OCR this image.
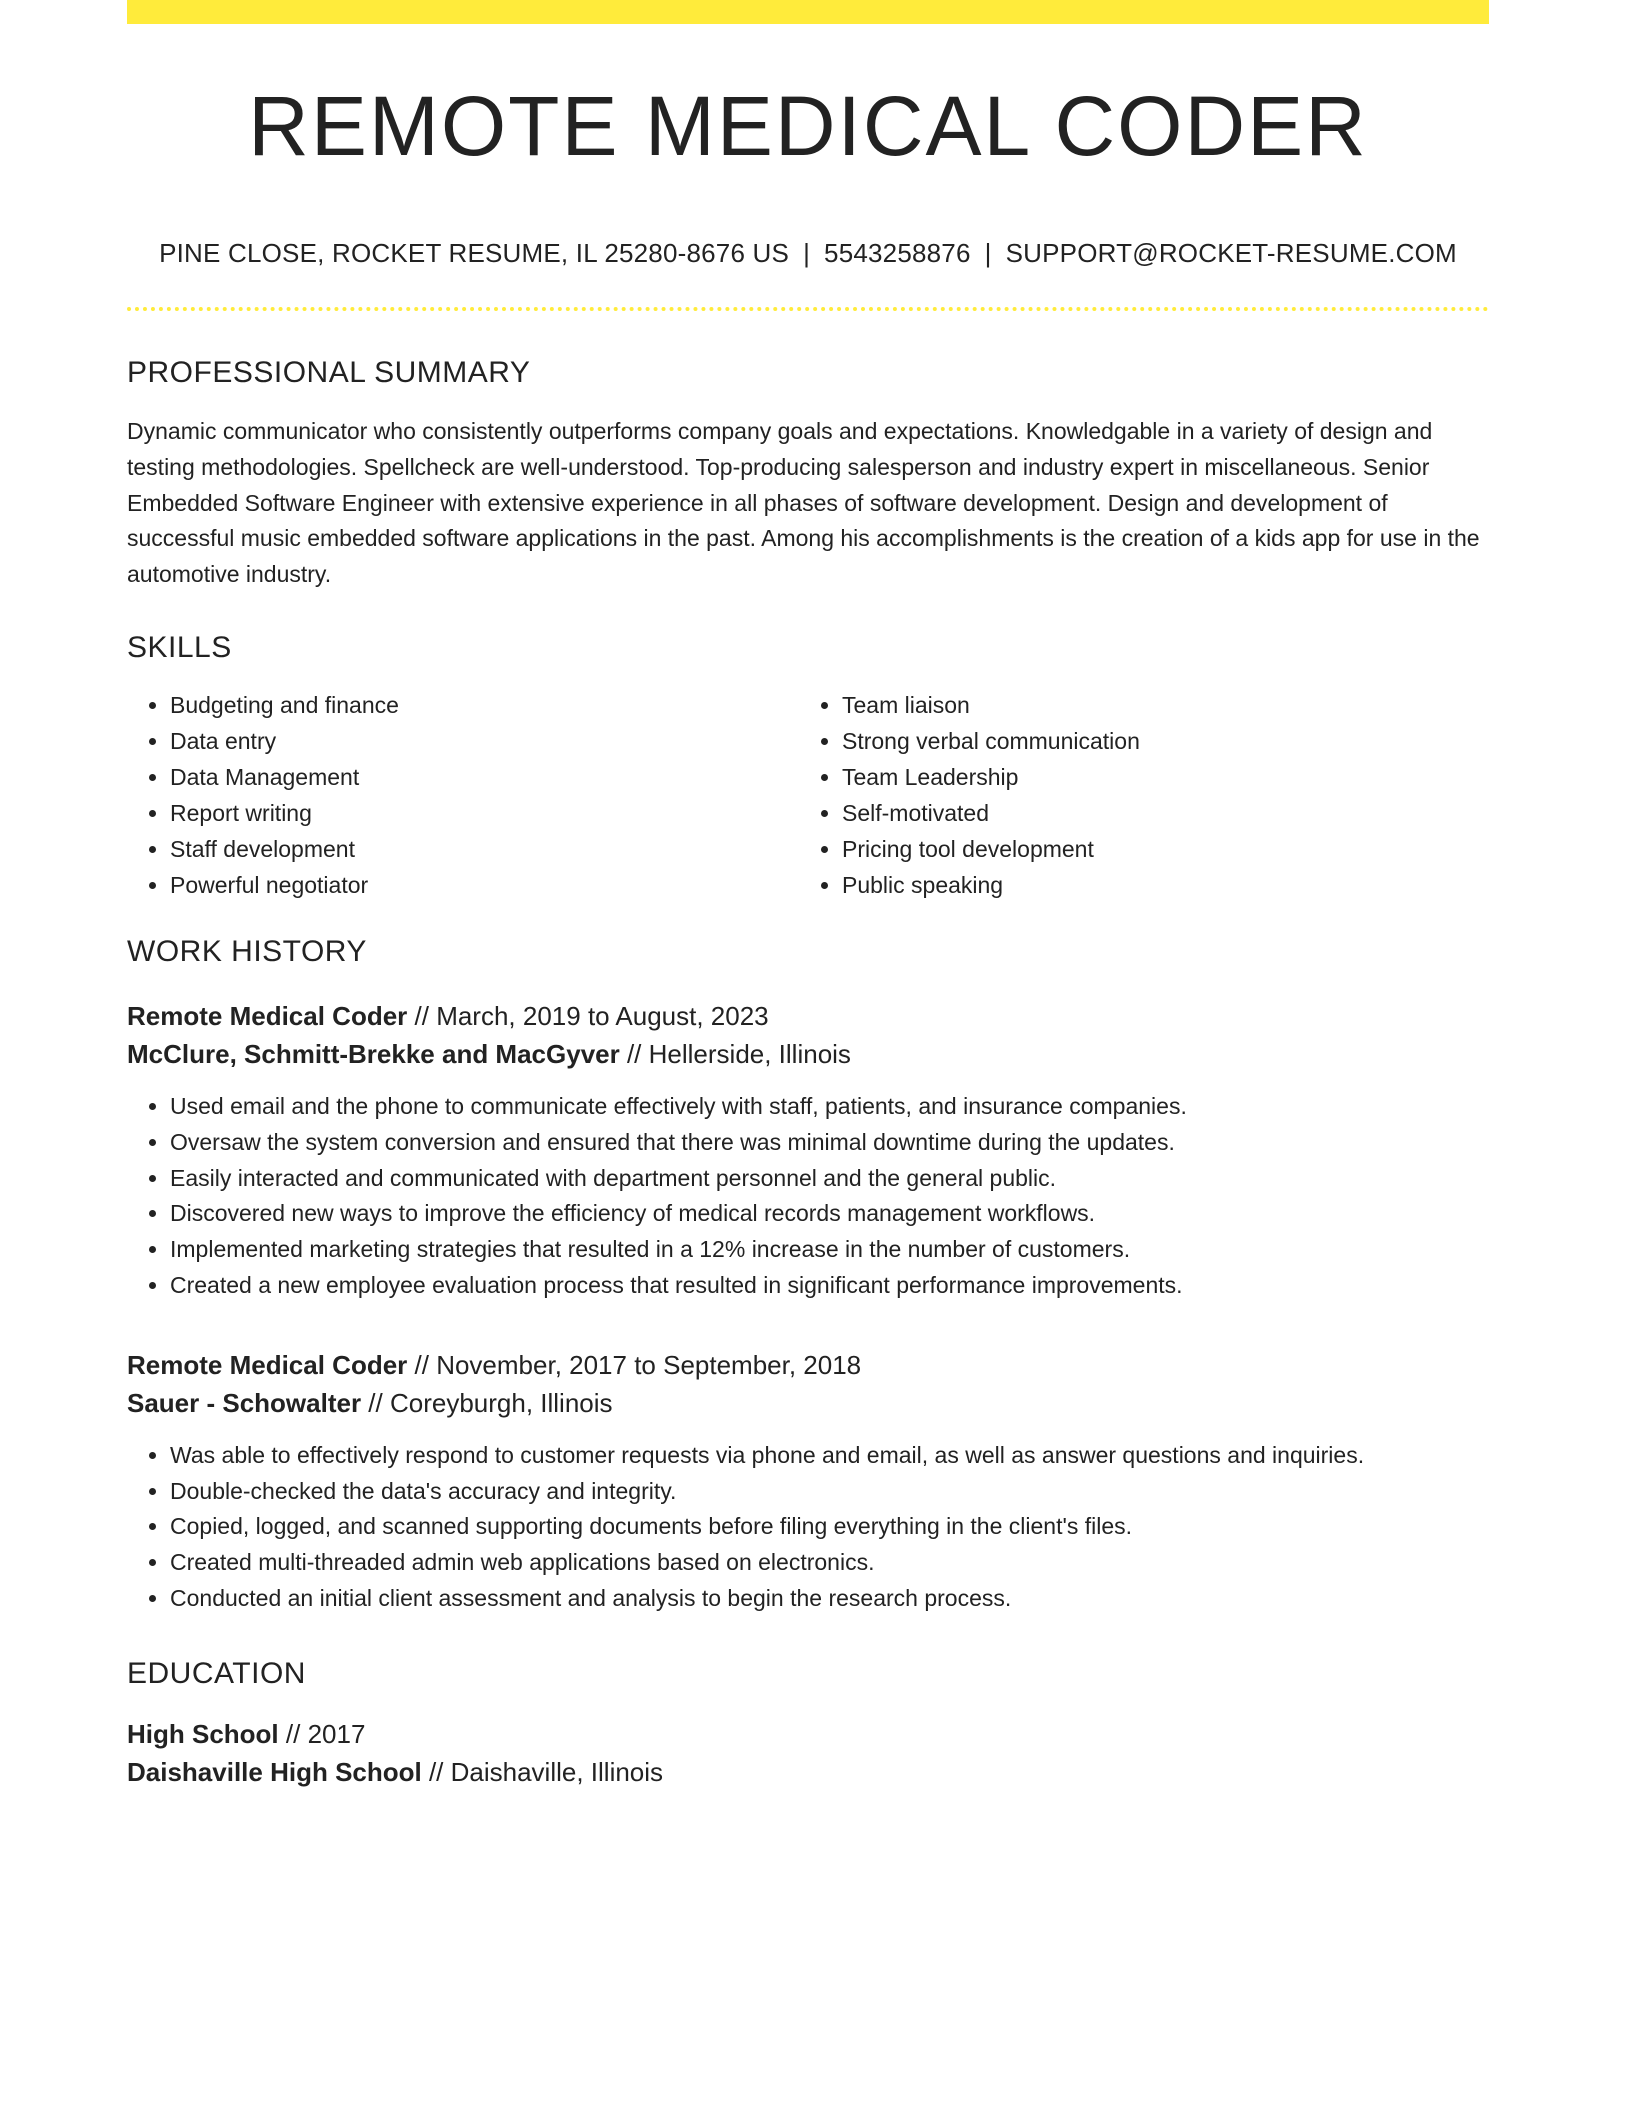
REMOTE MEDICAL CODER
PINE CLOSE, ROCKET RESUME, IL 25280-8676 US | 5543258876 | SUPPORT@ROCKET-RESUME.COM
PROFESSIONAL SUMMARY
Dynamic communicator who consistently outperforms company goals and expectations. Knowledgable in a variety of design and testing methodologies. Spellcheck are well-understood. Top-producing salesperson and industry expert in miscellaneous. Senior Embedded Software Engineer with extensive experience in all phases of software development. Design and development of successful music embedded software applications in the past. Among his accomplishments is the creation of a kids app for use in the automotive industry.
SKILLS
• Budgeting and finance
• Data entry
• Data Management
• Report writing
• Staff development
• Powerful negotiator
• Team liaison
• Strong verbal communication
• Team Leadership
• Self-motivated
• Pricing tool development
• Public speaking
WORK HISTORY
Remote Medical Coder // March, 2019 to August, 2023
McClure, Schmitt-Brekke and MacGyver // Hellerside, Illinois
• Used email and the phone to communicate effectively with staff, patients, and insurance companies.
• Oversaw the system conversion and ensured that there was minimal downtime during the updates.
• Easily interacted and communicated with department personnel and the general public.
• Discovered new ways to improve the efficiency of medical records management workflows.
• Implemented marketing strategies that resulted in a 12% increase in the number of customers.
• Created a new employee evaluation process that resulted in significant performance improvements.
Remote Medical Coder // November, 2017 to September, 2018
Sauer - Schowalter // Coreyburgh, Illinois
• Was able to effectively respond to customer requests via phone and email, as well as answer questions and inquiries.
• Double-checked the data's accuracy and integrity.
• Copied, logged, and scanned supporting documents before filing everything in the client's files.
• Created multi-threaded admin web applications based on electronics.
• Conducted an initial client assessment and analysis to begin the research process.
EDUCATION
High School // 2017
Daishaville High School // Daishaville, Illinois
